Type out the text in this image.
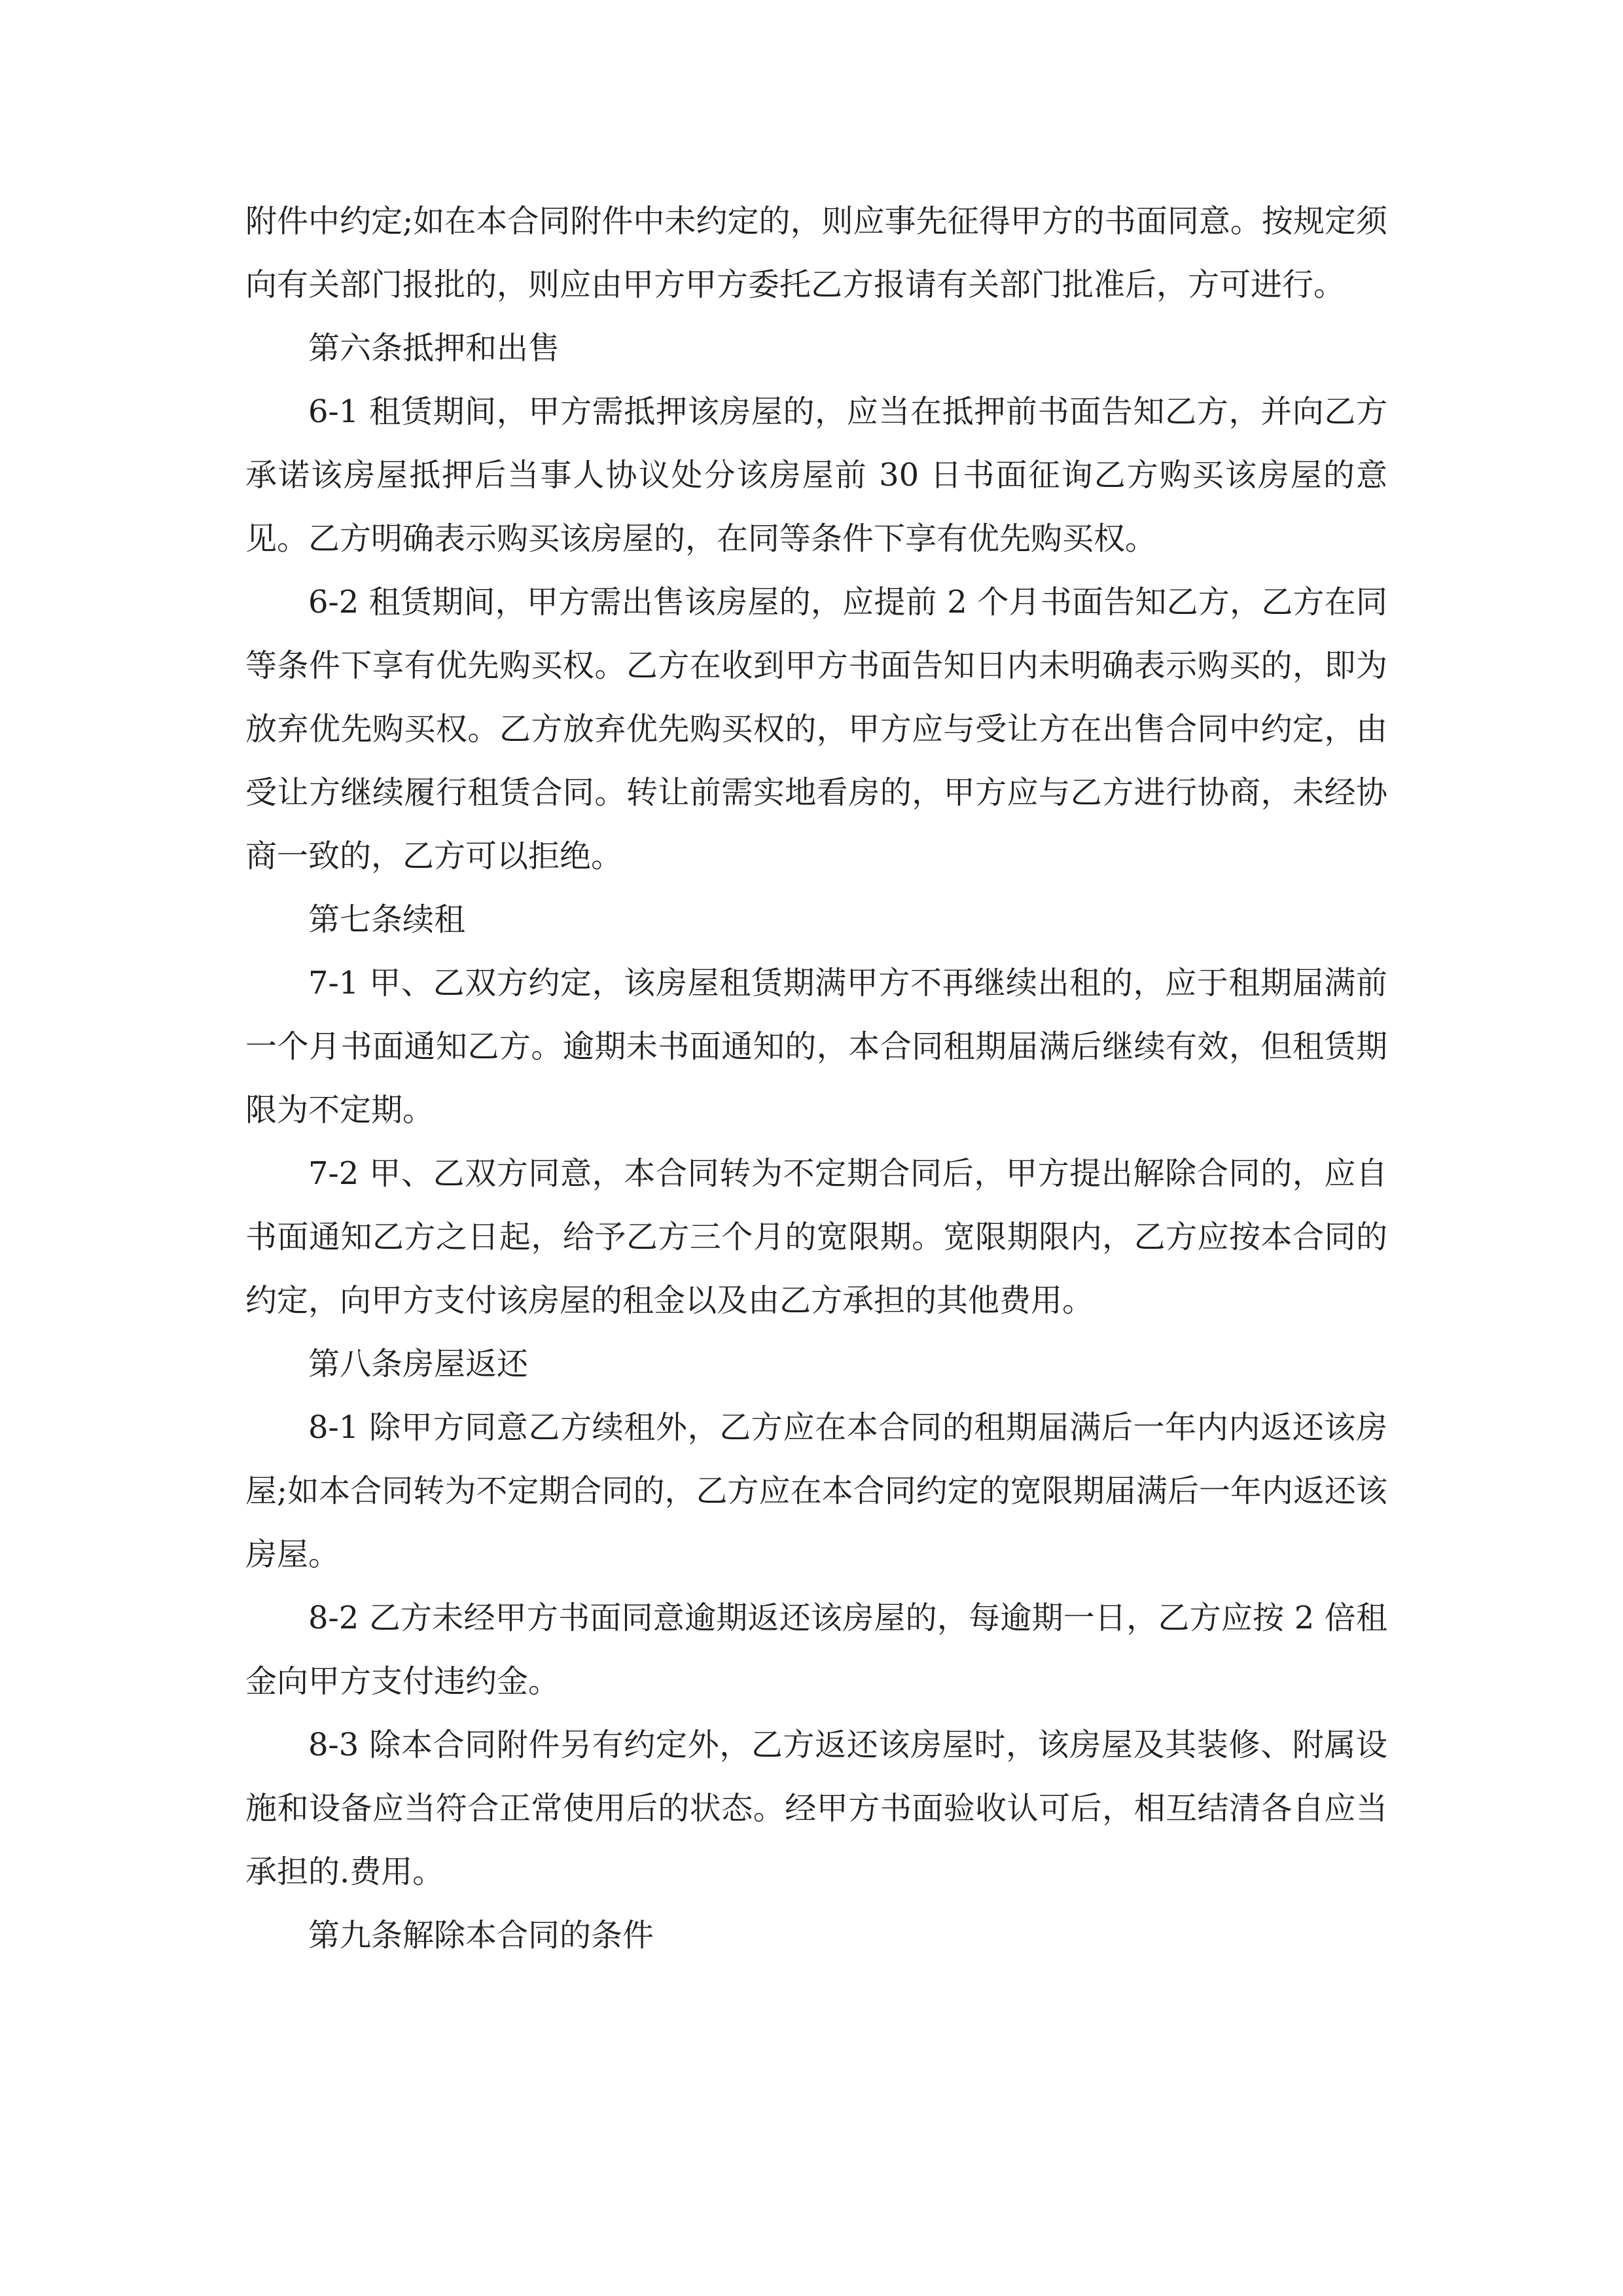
附件中约定;如在本合同附件中未约定的，则应事先征得甲方的书面同意。按规定须向有关部门报批的，则应由甲方甲方委托乙方报请有关部门批准后，方可进行。

第六条抵押和出售

6-1 租赁期间，甲方需抵押该房屋的，应当在抵押前书面告知乙方，并向乙方承诺该房屋抵押后当事人协议处分该房屋前 30 日书面征询乙方购买该房屋的意见。乙方明确表示购买该房屋的，在同等条件下享有优先购买权。

6-2 租赁期间，甲方需出售该房屋的，应提前 2 个月书面告知乙方，乙方在同等条件下享有优先购买权。乙方在收到甲方书面告知日内未明确表示购买的，即为放弃优先购买权。乙方放弃优先购买权的，甲方应与受让方在出售合同中约定，由受让方继续履行租赁合同。转让前需实地看房的，甲方应与乙方进行协商，未经协商一致的，乙方可以拒绝。

第七条续租

7-1 甲、乙双方约定，该房屋租赁期满甲方不再继续出租的，应于租期届满前一个月书面通知乙方。逾期未书面通知的，本合同租期届满后继续有效，但租赁期限为不定期。

7-2 甲、乙双方同意，本合同转为不定期合同后，甲方提出解除合同的，应自书面通知乙方之日起，给予乙方三个月的宽限期。宽限期限内，乙方应按本合同的约定，向甲方支付该房屋的租金以及由乙方承担的其他费用。

第八条房屋返还

8-1 除甲方同意乙方续租外，乙方应在本合同的租期届满后一年内内返还该房屋;如本合同转为不定期合同的，乙方应在本合同约定的宽限期届满后一年内返还该房屋。

8-2 乙方未经甲方书面同意逾期返还该房屋的，每逾期一日，乙方应按 2 倍租金向甲方支付违约金。

8-3 除本合同附件另有约定外，乙方返还该房屋时，该房屋及其装修、附属设施和设备应当符合正常使用后的状态。经甲方书面验收认可后，相互结清各自应当承担的.费用。

第九条解除本合同的条件
